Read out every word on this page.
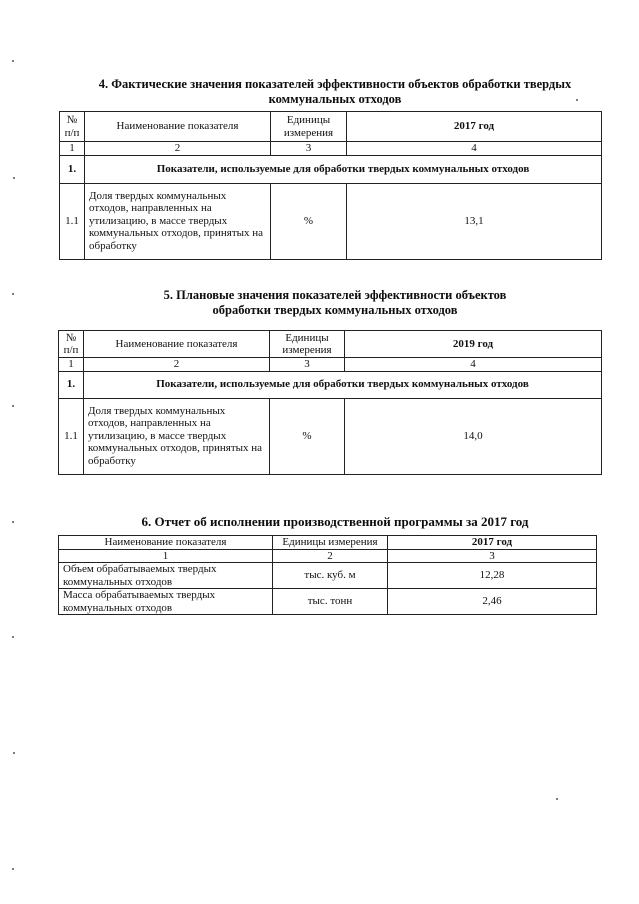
4. Фактические значения показателей эффективности объектов обработки твердых
коммунальных отходов
№ п/п	Наименование показателя	Единицы измерения	2017 год
1	2	3	4
1.	Показатели, используемые для обработки твердых коммунальных отходов		
1.1	Доля твердых коммунальных отходов, направленных на утилизацию, в массе твердых коммунальных отходов, принятых на обработку	%	13,1
5. Плановые значения показателей эффективности объектов
обработки твердых коммунальных отходов
№ п/п	Наименование показателя	Единицы измерения	2019 год
1	2	3	4
1.	Показатели, используемые для обработки твердых коммунальных отходов		
1.1	Доля твердых коммунальных отходов, направленных на утилизацию, в массе твердых коммунальных отходов, принятых на обработку	%	14,0
6. Отчет об исполнении производственной программы за 2017 год
Наименование показателя	Единицы измерения	2017 год
1	2	3
Объем обрабатываемых твердых коммунальных отходов	тыс. куб. м	12,28
Масса обрабатываемых твердых коммунальных отходов	тыс. тонн	2,46
